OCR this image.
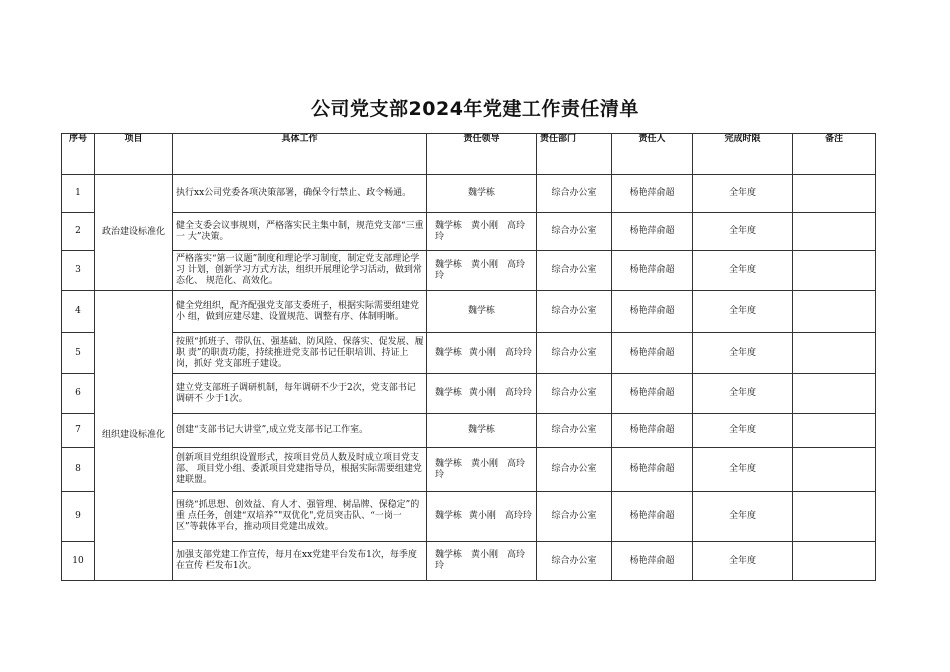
公司党支部2024年党建工作责任清单
序号	项目	具体工作	责任领导	责任部门	责任人	完成时限	备注
1	政治建设标准化	执行xx公司党委各项决策部署，确保令行禁止、政令畅通。	魏学栋	综合办公室	杨艳萍俞超	全年度	
2		健全支委会议事规则，严格落实民主集中制，规范党支部“三重一 大”决策。	魏学栋　黄小刚　高玲玲	综合办公室	杨艳萍俞超	全年度	
3		严格落实“第一议题”制度和理论学习制度，制定党支部理论学习 计划，创新学习方式方法，组织开展理论学习活动，做到常态化、 规范化、高效化。	魏学栋　黄小刚　高玲玲	综合办公室	杨艳萍俞超	全年度	
4	组织建设标准化	健全党组织，配齐配强党支部支委班子，根据实际需要组建党小 组，做到应建尽建、设置规范、调整有序、体制明晰。	魏学栋	综合办公室	杨艳萍俞超	全年度	
5		按照“抓班子、带队伍、强基础、防风险、保落实、促发展、履职 责”的职责功能，持续推进党支部书记任职培训、持证上岗，抓好 党支部班子建设。	魏学栋 黄小刚　高玲玲	综合办公室	杨艳萍俞超	全年度	
6		建立党支部班子调研机制，每年调研不少于2次，党支部书记调研不 少于1次。	魏学栋 黄小刚　高玲玲	综合办公室	杨艳萍俞超	全年度	
7		创建“支部书记大讲堂”,成立党支部书记工作室。	魏学栋	综合办公室	杨艳萍俞超	全年度	
8		创新项目党组织设置形式，按项目党员人数及时成立项目党支部、 项目党小组、委派项目党建指导员，根据实际需要组建党建联盟。	魏学栋　黄小刚　高玲玲	综合办公室	杨艳萍俞超	全年度	
9		围绕“抓思想、创效益、育人才、强管理、树品牌、保稳定”的重 点任务，创建“双培养”"双优化",党员突击队、“一岗一区”等载体平台，推动项目党建出成效。	魏学栋 黄小刚　高玲玲	综合办公室	杨艳萍俞超	全年度	
10		加强支部党建工作宣传，每月在xx党建平台发布1次，每季度在宣传 栏发布1次。	魏学栋　黄小刚　高玲玲	综合办公室	杨艳萍俞超	全年度	
